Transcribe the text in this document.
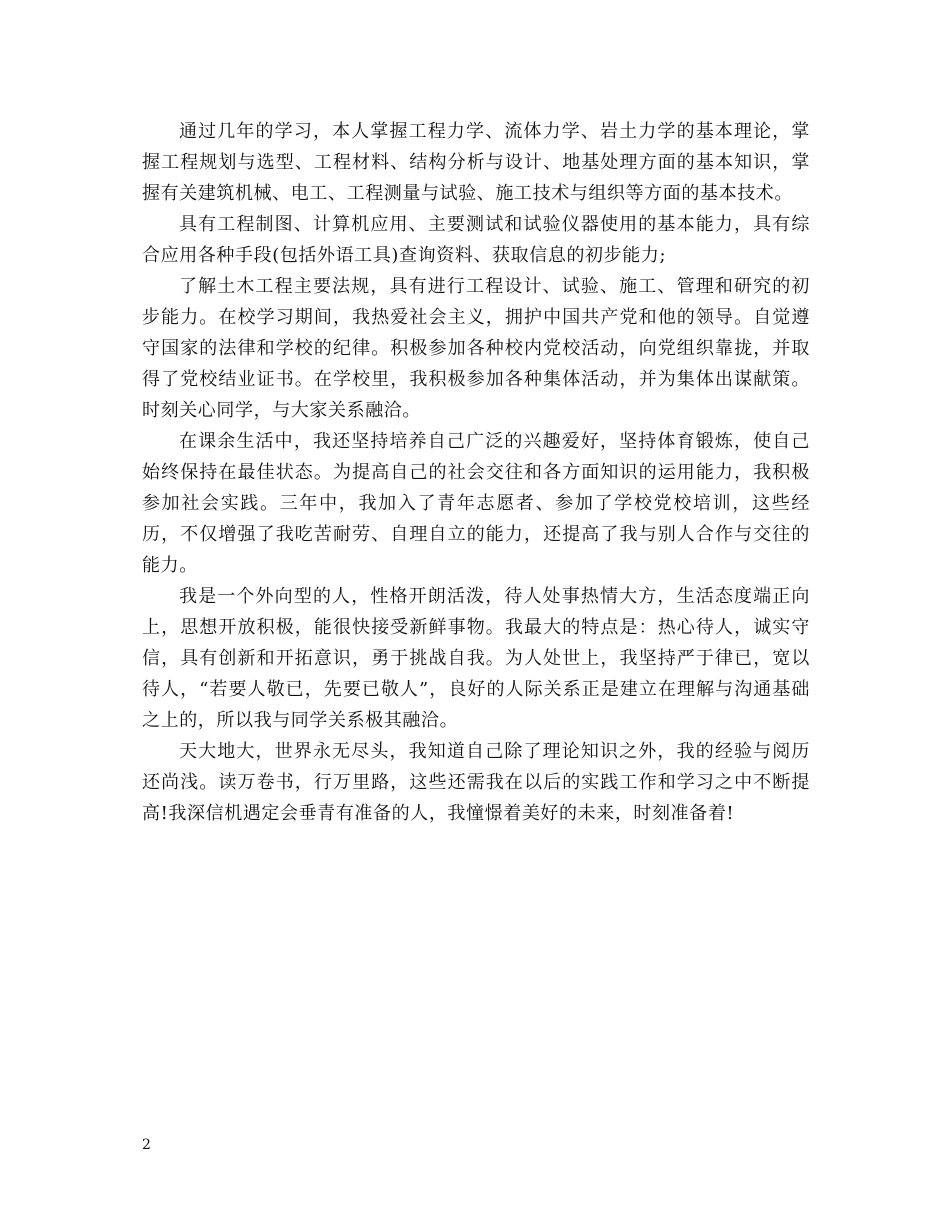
通过几年的学习，本人掌握工程力学、流体力学、岩土力学的基本理论，掌握工程规划与选型、工程材料、结构分析与设计、地基处理方面的基本知识，掌握有关建筑机械、电工、工程测量与试验、施工技术与组织等方面的基本技术。

具有工程制图、计算机应用、主要测试和试验仪器使用的基本能力，具有综合应用各种手段(包括外语工具)查询资料、获取信息的初步能力;

了解土木工程主要法规，具有进行工程设计、试验、施工、管理和研究的初步能力。在校学习期间，我热爱社会主义，拥护中国共产党和他的领导。自觉遵守国家的法律和学校的纪律。积极参加各种校内党校活动，向党组织靠拢，并取得了党校结业证书。在学校里，我积极参加各种集体活动，并为集体出谋献策。时刻关心同学，与大家关系融洽。

在课余生活中，我还坚持培养自己广泛的兴趣爱好，坚持体育锻炼，使自己始终保持在最佳状态。为提高自己的社会交往和各方面知识的运用能力，我积极参加社会实践。三年中，我加入了青年志愿者、参加了学校党校培训，这些经历，不仅增强了我吃苦耐劳、自理自立的能力，还提高了我与别人合作与交往的能力。

我是一个外向型的人，性格开朗活泼，待人处事热情大方，生活态度端正向上，思想开放积极，能很快接受新鲜事物。我最大的特点是：热心待人，诚实守信，具有创新和开拓意识，勇于挑战自我。为人处世上，我坚持严于律已，宽以待人，“若要人敬已，先要已敬人”，良好的人际关系正是建立在理解与沟通基础之上的，所以我与同学关系极其融洽。

天大地大，世界永无尽头，我知道自己除了理论知识之外，我的经验与阅历还尚浅。读万卷书，行万里路，这些还需我在以后的实践工作和学习之中不断提高!我深信机遇定会垂青有准备的人，我憧憬着美好的未来，时刻准备着!

2
